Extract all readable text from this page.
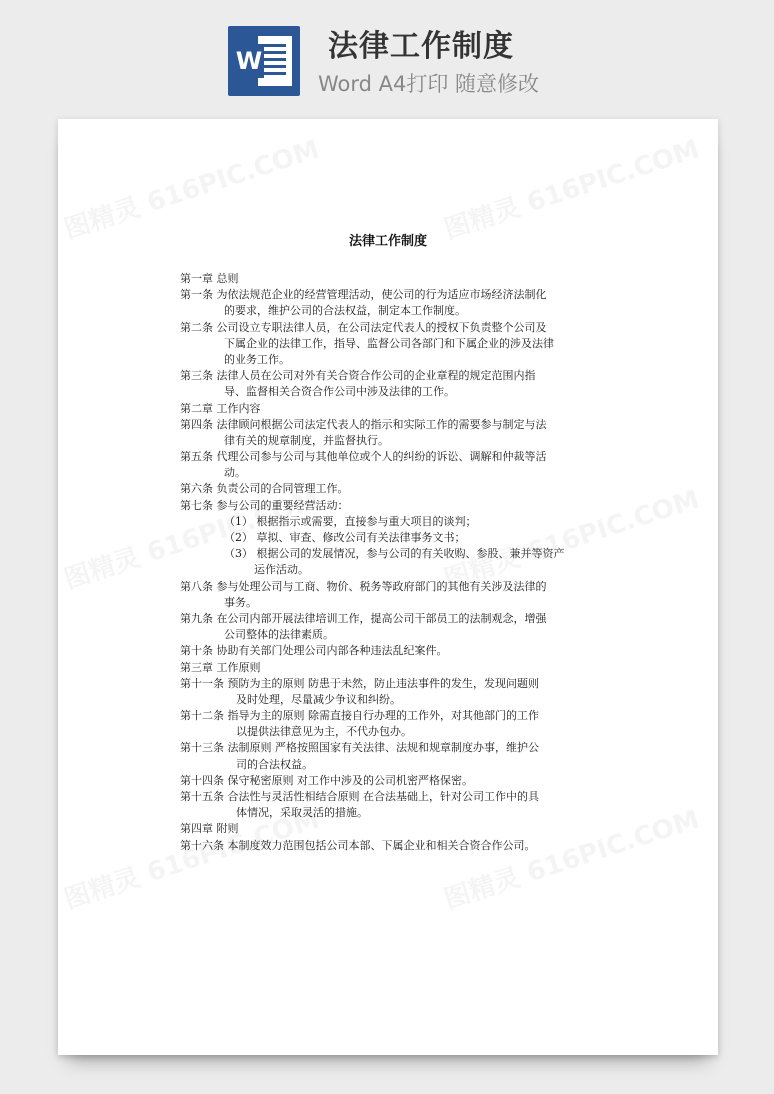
W 法律工作制度
Word A4打印 随意修改
法律工作制度
第一章 总则
第一条 为依法规范企业的经营管理活动，使公司的行为适应市场经济法制化
的要求，维护公司的合法权益，制定本工作制度。
第二条 公司设立专职法律人员，在公司法定代表人的授权下负责整个公司及
下属企业的法律工作，指导、监督公司各部门和下属企业的涉及法律
的业务工作。
第三条 法律人员在公司对外有关合资合作公司的企业章程的规定范围内指
导、监督相关合资合作公司中涉及法律的工作。
第二章 工作内容
第四条 法律顾问根据公司法定代表人的指示和实际工作的需要参与制定与法
律有关的规章制度，并监督执行。
第五条 代理公司参与公司与其他单位或个人的纠纷的诉讼、调解和仲裁等活
动。
第六条 负责公司的合同管理工作。
第七条 参与公司的重要经营活动：
（1） 根据指示或需要，直接参与重大项目的谈判；
（2） 草拟、审查、修改公司有关法律事务文书；
（3） 根据公司的发展情况，参与公司的有关收购、参股、兼并等资产
运作活动。
第八条 参与处理公司与工商、物价、税务等政府部门的其他有关涉及法律的
事务。
第九条 在公司内部开展法律培训工作，提高公司干部员工的法制观念，增强
公司整体的法律素质。
第十条 协助有关部门处理公司内部各种违法乱纪案件。
第三章 工作原则
第十一条 预防为主的原则 防患于未然，防止违法事件的发生，发现问题则
及时处理，尽量减少争议和纠纷。
第十二条 指导为主的原则 除需直接自行办理的工作外，对其他部门的工作
以提供法律意见为主，不代办包办。
第十三条 法制原则 严格按照国家有关法律、法规和规章制度办事，维护公
司的合法权益。
第十四条 保守秘密原则 对工作中涉及的公司机密严格保密。
第十五条 合法性与灵活性相结合原则 在合法基础上，针对公司工作中的具
体情况，采取灵活的措施。
第四章 附则
第十六条 本制度效力范围包括公司本部、下属企业和相关合资合作公司。
